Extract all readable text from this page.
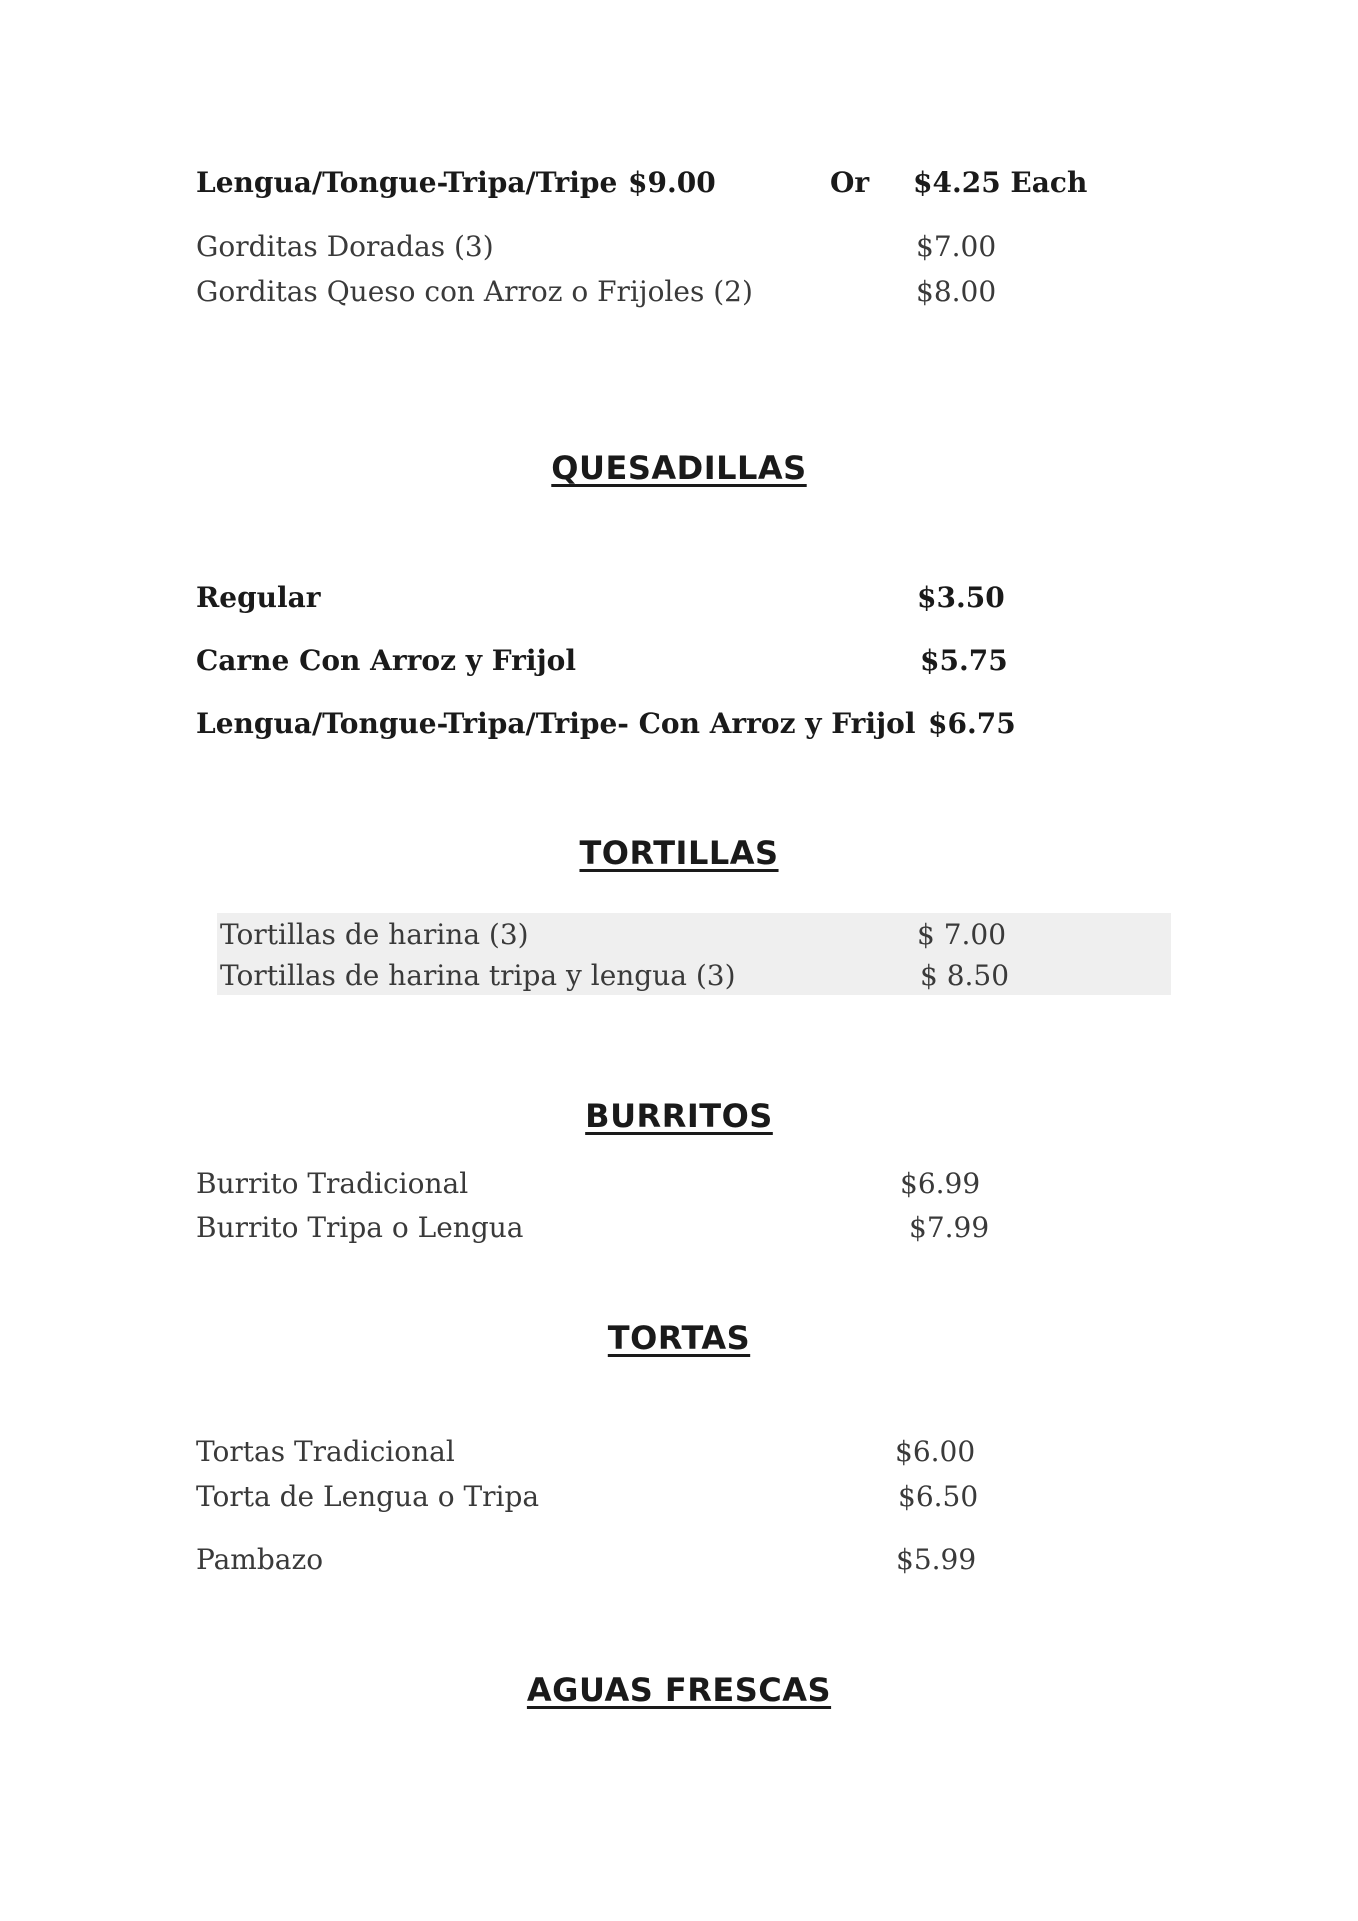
Lengua/Tongue-Tripa/Tripe $9.00	Or $4.25 Each
Gorditas Doradas (3)	$7.00
Gorditas Queso con Arroz o Frijoles (2)	$8.00
QUESADILLAS
Regular	$3.50
Carne Con Arroz y Frijol	$5.75
Lengua/Tongue-Tripa/Tripe- Con Arroz y Frijol $6.75
TORTILLAS
Tortillas de harina (3)	$ 7.00
Tortillas de harina tripa y lengua (3)	$ 8.50
BURRITOS
Burrito Tradicional	$6.99
Burrito Tripa o Lengua	$7.99
TORTAS
Tortas Tradicional	$6.00
Torta de Lengua o Tripa	$6.50
Pambazo	$5.99
AGUAS FRESCAS
